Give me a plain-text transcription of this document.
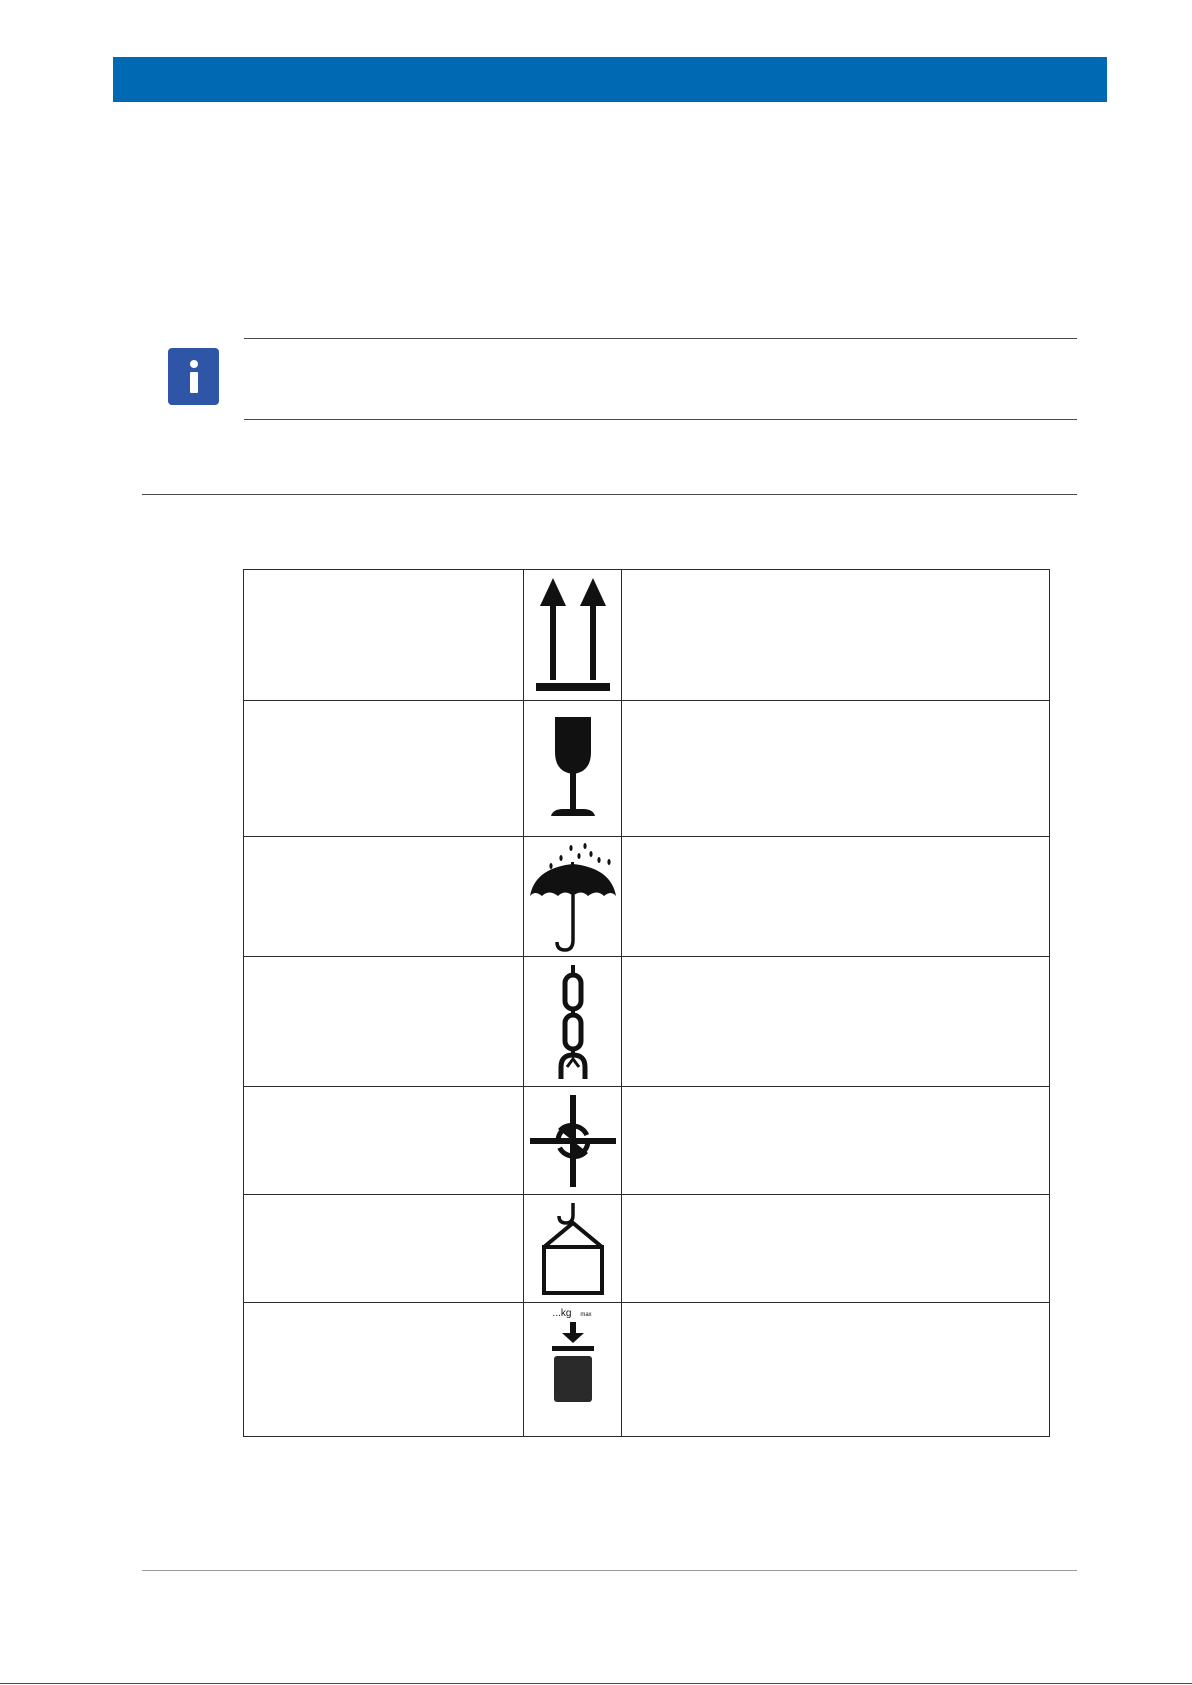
...kg max	
